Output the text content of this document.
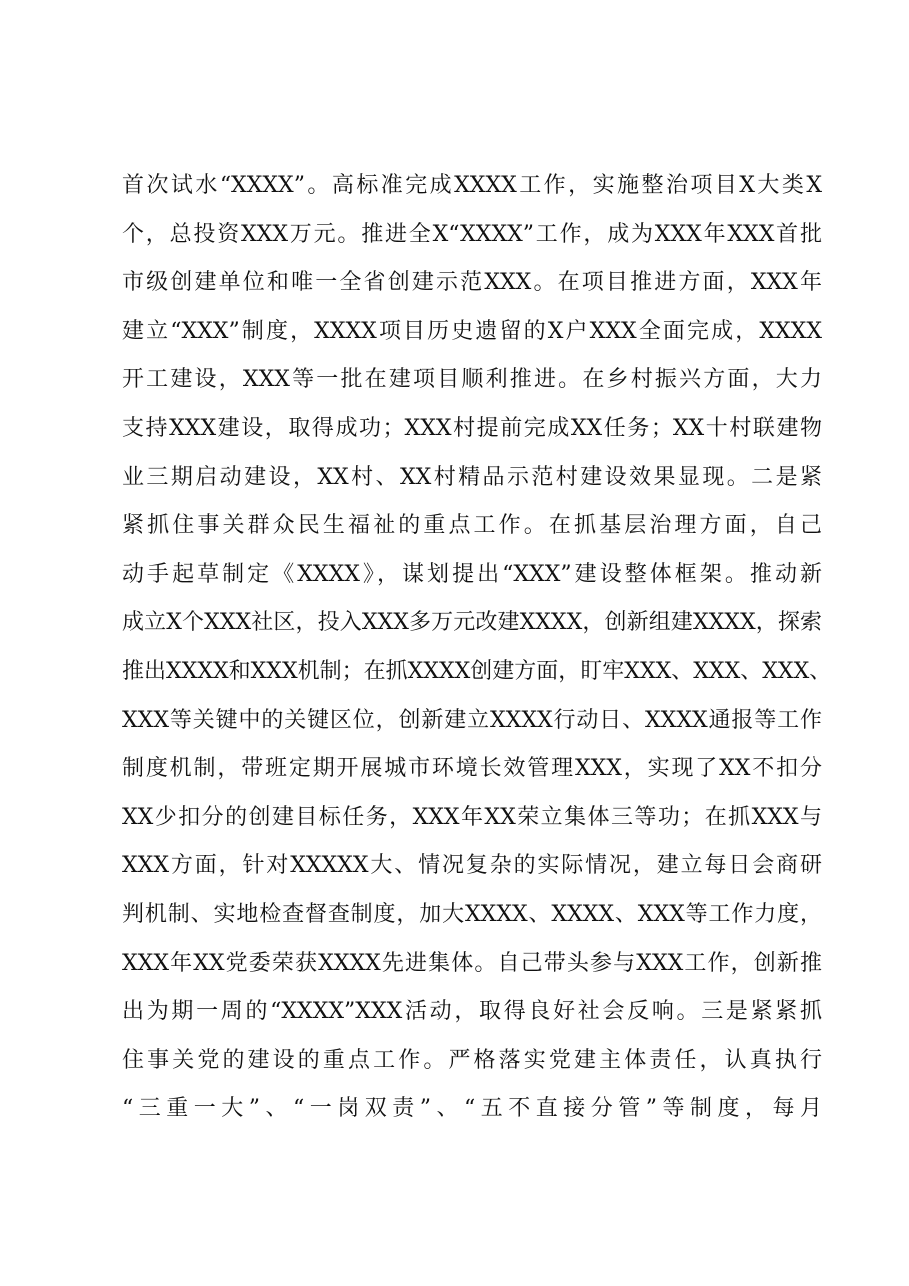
首次试水“XXXX”。高标准完成XXXX工作，实施整治项目X大类X
个，总投资XXX万元。推进全X“XXXX”工作，成为XXX年XXX首批
市级创建单位和唯一全省创建示范XXX。在项目推进方面，XXX年
建立“XXX”制度，XXXX项目历史遗留的X户XXX全面完成，XXXX
开工建设，XXX等一批在建项目顺利推进。在乡村振兴方面，大力
支持XXX建设，取得成功；XXX村提前完成XX任务；XX十村联建物
业三期启动建设，XX村、XX村精品示范村建设效果显现。二是紧
紧抓住事关群众民生福祉的重点工作。在抓基层治理方面，自己
动手起草制定《XXXX》，谋划提出“XXX”建设整体框架。推动新
成立X个XXX社区，投入XXX多万元改建XXXX，创新组建XXXX，探索
推出XXXX和XXX机制；在抓XXXX创建方面，盯牢XXX、XXX、XXX、
XXX等关键中的关键区位，创新建立XXXX行动日、XXXX通报等工作
制度机制，带班定期开展城市环境长效管理XXX，实现了XX不扣分
XX少扣分的创建目标任务，XXX年XX荣立集体三等功；在抓XXX与
XXX方面，针对XXXXX大、情况复杂的实际情况，建立每日会商研
判机制、实地检查督查制度，加大XXXX、XXXX、XXX等工作力度，
XXX年XX党委荣获XXXX先进集体。自己带头参与XXX工作，创新推
出为期一周的“XXXX”XXX活动，取得良好社会反响。三是紧紧抓
住事关党的建设的重点工作。严格落实党建主体责任，认真执行
“三重一大”、“一岗双责”、“五不直接分管”等制度，每月
